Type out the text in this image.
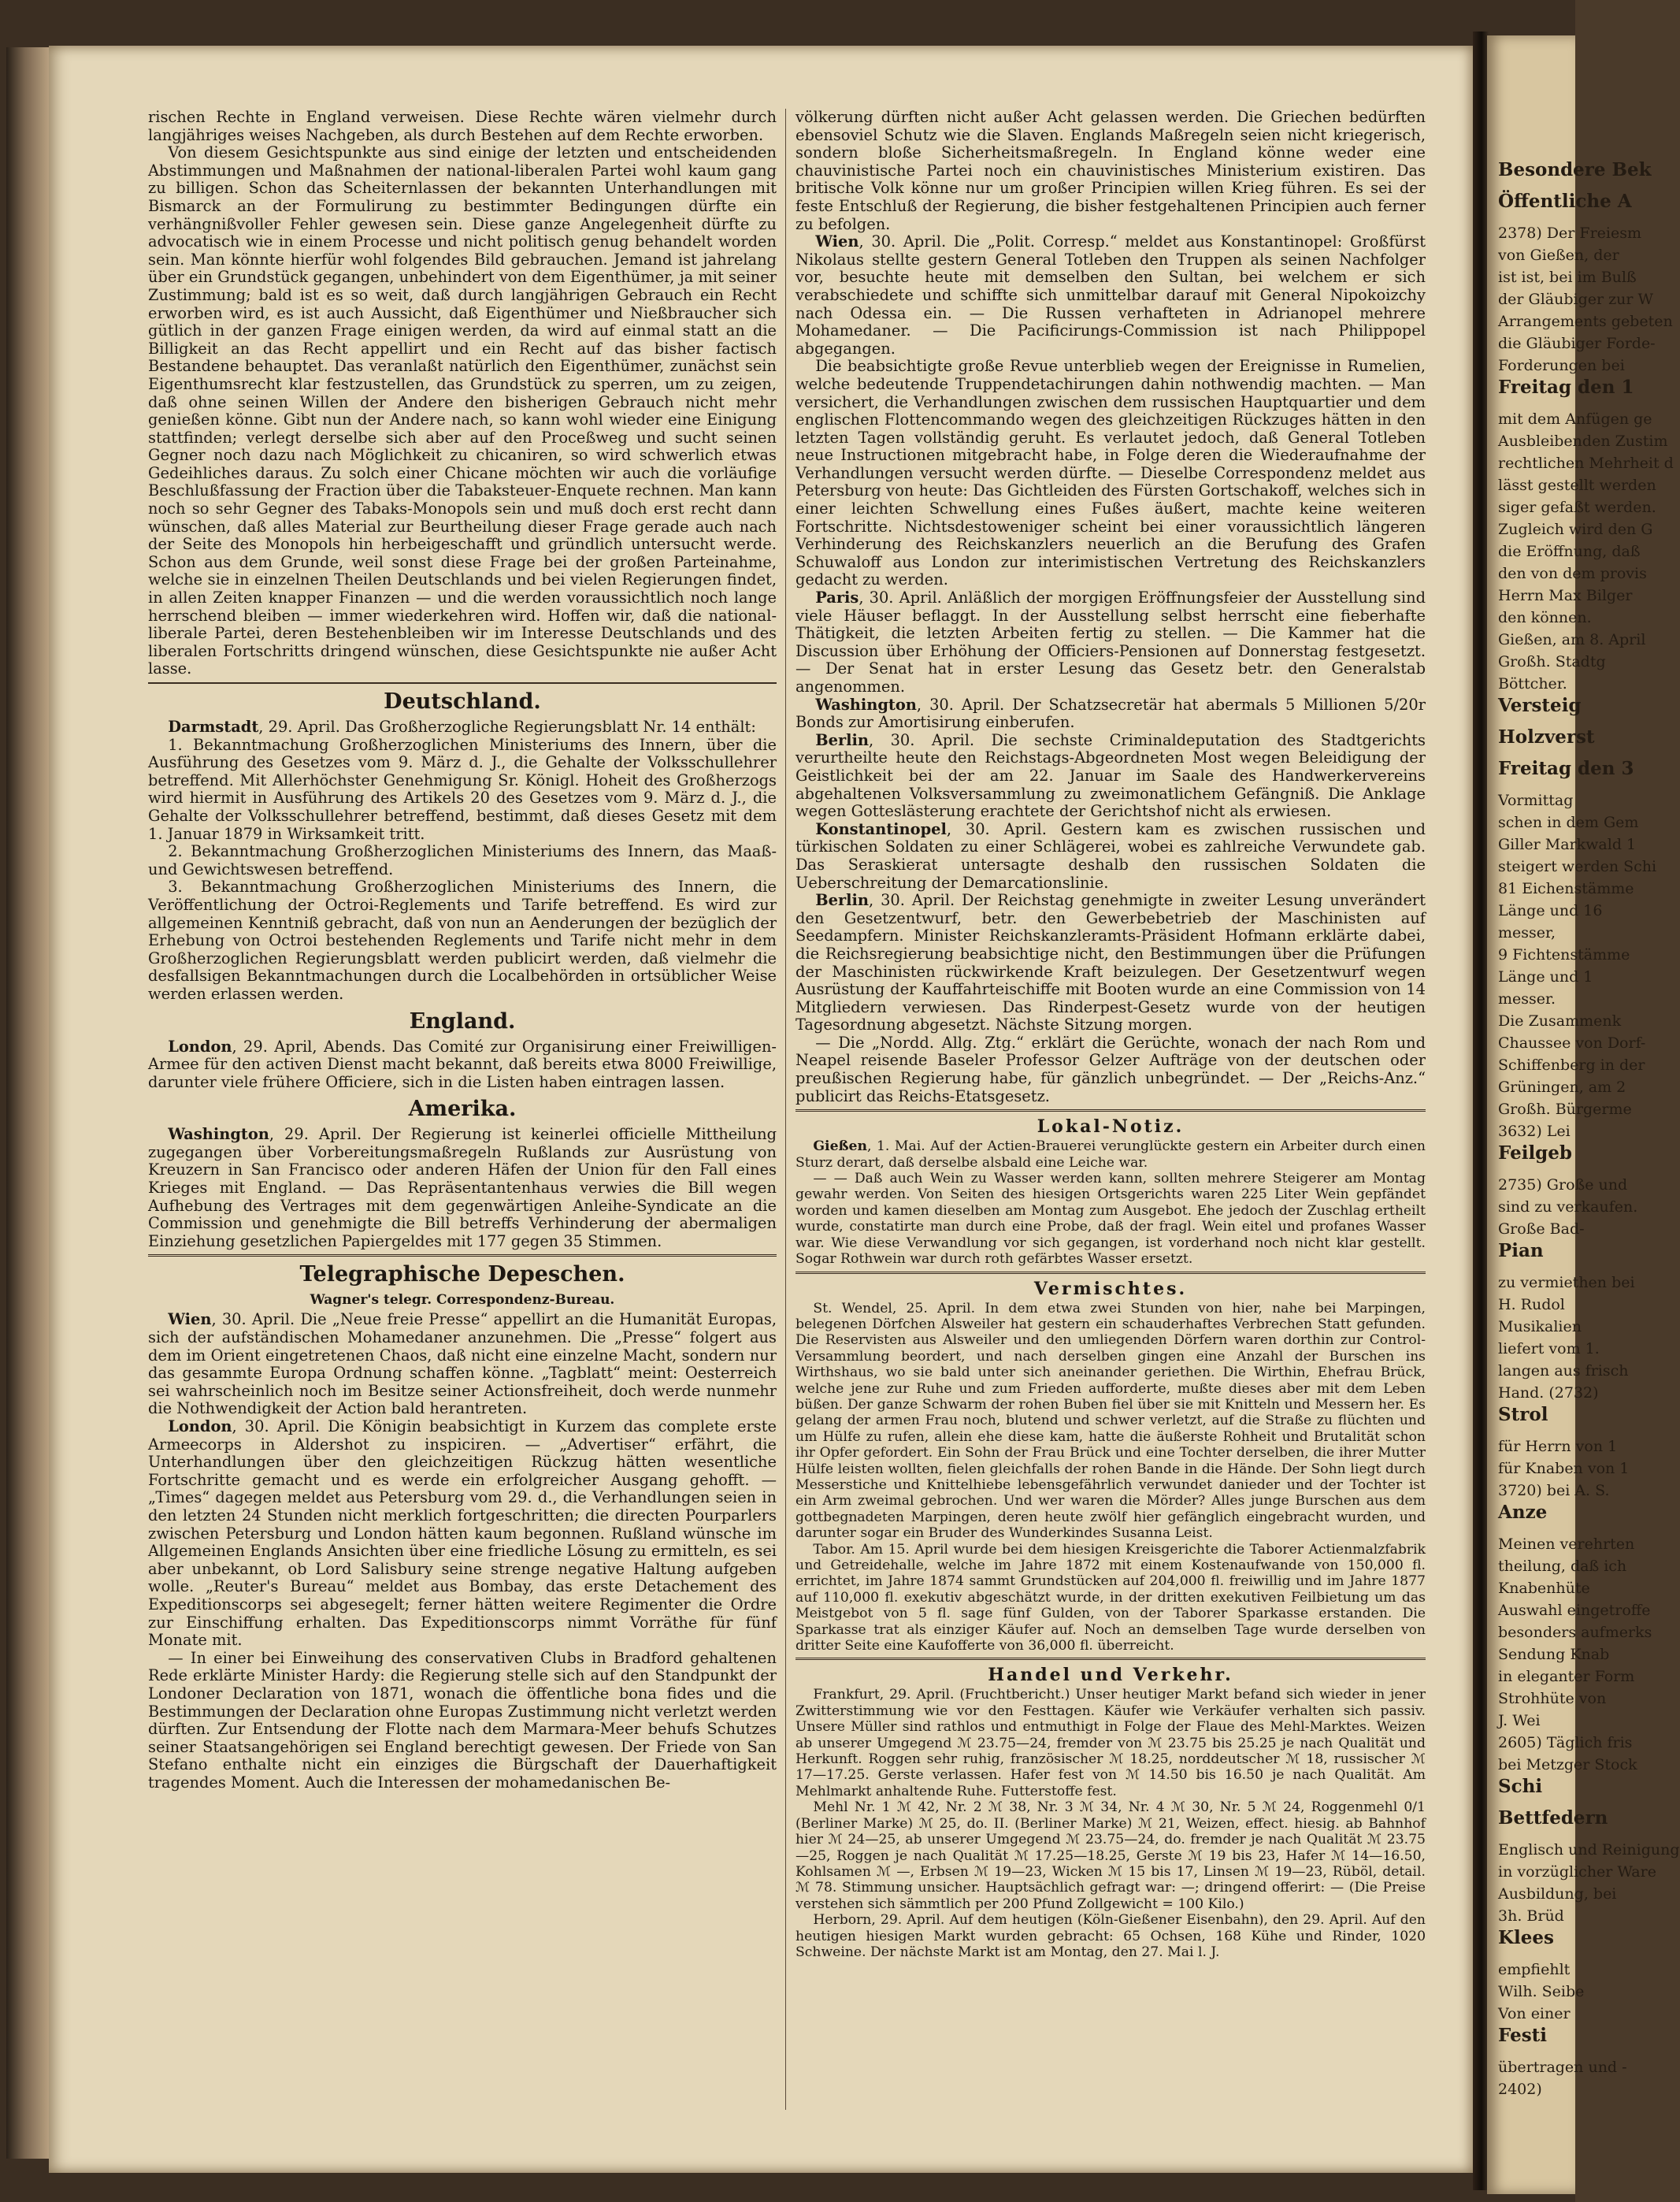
rischen Rechte in England verweisen. Diese Rechte wären vielmehr durch langjähriges weises Nachgeben, als durch Bestehen auf dem Rechte erworben.

Von diesem Gesichtspunkte aus sind einige der letzten und entscheidenden Abstimmungen und Maßnahmen der national-liberalen Partei wohl kaum gang zu billigen. Schon das Scheiternlassen der bekannten Unterhandlungen mit Bismarck an der Formulirung zu bestimmter Bedingungen dürfte ein verhängnißvoller Fehler gewesen sein. Diese ganze Angelegenheit dürfte zu advocatisch wie in einem Processe und nicht politisch genug behandelt worden sein. Man könnte hierfür wohl folgendes Bild gebrauchen. Jemand ist jahrelang über ein Grundstück gegangen, unbehindert von dem Eigenthümer, ja mit seiner Zustimmung; bald ist es so weit, daß durch langjährigen Gebrauch ein Recht erworben wird, es ist auch Aussicht, daß Eigenthümer und Nießbraucher sich gütlich in der ganzen Frage einigen werden, da wird auf einmal statt an die Billigkeit an das Recht appellirt und ein Recht auf das bisher factisch Bestandene behauptet. Das veranlaßt natürlich den Eigenthümer, zunächst sein Eigenthumsrecht klar festzustellen, das Grundstück zu sperren, um zu zeigen, daß ohne seinen Willen der Andere den bisherigen Gebrauch nicht mehr genießen könne. Gibt nun der Andere nach, so kann wohl wieder eine Einigung stattfinden; verlegt derselbe sich aber auf den Proceßweg und sucht seinen Gegner noch dazu nach Möglichkeit zu chicaniren, so wird schwerlich etwas Gedeihliches daraus. Zu solch einer Chicane möchten wir auch die vorläufige Beschlußfassung der Fraction über die Tabaksteuer-Enquete rechnen. Man kann noch so sehr Gegner des Tabaks-Monopols sein und muß doch erst recht dann wünschen, daß alles Material zur Beurtheilung dieser Frage gerade auch nach der Seite des Monopols hin herbeigeschafft und gründlich untersucht werde. Schon aus dem Grunde, weil sonst diese Frage bei der großen Parteinahme, welche sie in einzelnen Theilen Deutschlands und bei vielen Regierungen findet, in allen Zeiten knapper Finanzen — und die werden voraussichtlich noch lange herrschend bleiben — immer wiederkehren wird. Hoffen wir, daß die national-liberale Partei, deren Bestehenbleiben wir im Interesse Deutschlands und des liberalen Fortschritts dringend wünschen, diese Gesichtspunkte nie außer Acht lasse.

Deutschland.

Darmstadt, 29. April. Das Großherzogliche Regierungsblatt Nr. 14 enthält:

1. Bekanntmachung Großherzoglichen Ministeriums des Innern, über die Ausführung des Gesetzes vom 9. März d. J., die Gehalte der Volksschullehrer betreffend. Mit Allerhöchster Genehmigung Sr. Königl. Hoheit des Großherzogs wird hiermit in Ausführung des Artikels 20 des Gesetzes vom 9. März d. J., die Gehalte der Volksschullehrer betreffend, bestimmt, daß dieses Gesetz mit dem 1. Januar 1879 in Wirksamkeit tritt.

2. Bekanntmachung Großherzoglichen Ministeriums des Innern, das Maaß- und Gewichtswesen betreffend.

3. Bekanntmachung Großherzoglichen Ministeriums des Innern, die Veröffentlichung der Octroi-Reglements und Tarife betreffend. Es wird zur allgemeinen Kenntniß gebracht, daß von nun an Aenderungen der bezüglich der Erhebung von Octroi bestehenden Reglements und Tarife nicht mehr in dem Großherzoglichen Regierungsblatt werden publicirt werden, daß vielmehr die desfallsigen Bekanntmachungen durch die Localbehörden in ortsüblicher Weise werden erlassen werden.

England.

London, 29. April, Abends. Das Comité zur Organisirung einer Freiwilligen-Armee für den activen Dienst macht bekannt, daß bereits etwa 8000 Freiwillige, darunter viele frühere Officiere, sich in die Listen haben eintragen lassen.

Amerika.

Washington, 29. April. Der Regierung ist keinerlei officielle Mittheilung zugegangen über Vorbereitungsmaßregeln Rußlands zur Ausrüstung von Kreuzern in San Francisco oder anderen Häfen der Union für den Fall eines Krieges mit England. — Das Repräsentantenhaus verwies die Bill wegen Aufhebung des Vertrages mit dem gegenwärtigen Anleihe-Syndicate an die Commission und genehmigte die Bill betreffs Verhinderung der abermaligen Einziehung gesetzlichen Papiergeldes mit 177 gegen 35 Stimmen.

Telegraphische Depeschen.
Wagner's telegr. Correspondenz-Bureau.

Wien, 30. April. Die „Neue freie Presse“ appellirt an die Humanität Europas, sich der aufständischen Mohamedaner anzunehmen. Die „Presse“ folgert aus dem im Orient eingetretenen Chaos, daß nicht eine einzelne Macht, sondern nur das gesammte Europa Ordnung schaffen könne. „Tagblatt“ meint: Oesterreich sei wahrscheinlich noch im Besitze seiner Actionsfreiheit, doch werde nunmehr die Nothwendigkeit der Action bald herantreten.

London, 30. April. Die Königin beabsichtigt in Kurzem das complete erste Armeecorps in Aldershot zu inspiciren. — „Advertiser“ erfährt, die Unterhandlungen über den gleichzeitigen Rückzug hätten wesentliche Fortschritte gemacht und es werde ein erfolgreicher Ausgang gehofft. — „Times“ dagegen meldet aus Petersburg vom 29. d., die Verhandlungen seien in den letzten 24 Stunden nicht merklich fortgeschritten; die directen Pourparlers zwischen Petersburg und London hätten kaum begonnen. Rußland wünsche im Allgemeinen Englands Ansichten über eine friedliche Lösung zu ermitteln, es sei aber unbekannt, ob Lord Salisbury seine strenge negative Haltung aufgeben wolle. „Reuter's Bureau“ meldet aus Bombay, das erste Detachement des Expeditionscorps sei abgesegelt; ferner hätten weitere Regimenter die Ordre zur Einschiffung erhalten. Das Expeditionscorps nimmt Vorräthe für fünf Monate mit.

— In einer bei Einweihung des conservativen Clubs in Bradford gehaltenen Rede erklärte Minister Hardy: die Regierung stelle sich auf den Standpunkt der Londoner Declaration von 1871, wonach die öffentliche bona fides und die Bestimmungen der Declaration ohne Europas Zustimmung nicht verletzt werden dürften. Zur Entsendung der Flotte nach dem Marmara-Meer behufs Schutzes seiner Staatsangehörigen sei England berechtigt gewesen. Der Friede von San Stefano enthalte nicht ein einziges die Bürgschaft der Dauerhaftigkeit tragendes Moment. Auch die Interessen der mohamedanischen Be-

völkerung dürften nicht außer Acht gelassen werden. Die Griechen bedürften ebensoviel Schutz wie die Slaven. Englands Maßregeln seien nicht kriegerisch, sondern bloße Sicherheitsmaßregeln. In England könne weder eine chauvinistische Partei noch ein chauvinistisches Ministerium existiren. Das britische Volk könne nur um großer Principien willen Krieg führen. Es sei der feste Entschluß der Regierung, die bisher festgehaltenen Principien auch ferner zu befolgen.

Wien, 30. April. Die „Polit. Corresp.“ meldet aus Konstantinopel: Großfürst Nikolaus stellte gestern General Totleben den Truppen als seinen Nachfolger vor, besuchte heute mit demselben den Sultan, bei welchem er sich verabschiedete und schiffte sich unmittelbar darauf mit General Nipokoizchy nach Odessa ein. — Die Russen verhafteten in Adrianopel mehrere Mohamedaner. — Die Pacificirungs-Commission ist nach Philippopel abgegangen.

Die beabsichtigte große Revue unterblieb wegen der Ereignisse in Rumelien, welche bedeutende Truppendetachirungen dahin nothwendig machten. — Man versichert, die Verhandlungen zwischen dem russischen Hauptquartier und dem englischen Flottencommando wegen des gleichzeitigen Rückzuges hätten in den letzten Tagen vollständig geruht. Es verlautet jedoch, daß General Totleben neue Instructionen mitgebracht habe, in Folge deren die Wiederaufnahme der Verhandlungen versucht werden dürfte. — Dieselbe Correspondenz meldet aus Petersburg von heute: Das Gichtleiden des Fürsten Gortschakoff, welches sich in einer leichten Schwellung eines Fußes äußert, machte keine weiteren Fortschritte. Nichtsdestoweniger scheint bei einer voraussichtlich längeren Verhinderung des Reichskanzlers neuerlich an die Berufung des Grafen Schuwaloff aus London zur interimistischen Vertretung des Reichskanzlers gedacht zu werden.

Paris, 30. April. Anläßlich der morgigen Eröffnungsfeier der Ausstellung sind viele Häuser beflaggt. In der Ausstellung selbst herrscht eine fieberhafte Thätigkeit, die letzten Arbeiten fertig zu stellen. — Die Kammer hat die Discussion über Erhöhung der Officiers-Pensionen auf Donnerstag festgesetzt. — Der Senat hat in erster Lesung das Gesetz betr. den Generalstab angenommen.

Washington, 30. April. Der Schatzsecretär hat abermals 5 Millionen 5/20r Bonds zur Amortisirung einberufen.

Berlin, 30. April. Die sechste Criminaldeputation des Stadtgerichts verurtheilte heute den Reichstags-Abgeordneten Most wegen Beleidigung der Geistlichkeit bei der am 22. Januar im Saale des Handwerkervereins abgehaltenen Volksversammlung zu zweimonatlichem Gefängniß. Die Anklage wegen Gotteslästerung erachtete der Gerichtshof nicht als erwiesen.

Konstantinopel, 30. April. Gestern kam es zwischen russischen und türkischen Soldaten zu einer Schlägerei, wobei es zahlreiche Verwundete gab. Das Seraskierat untersagte deshalb den russischen Soldaten die Ueberschreitung der Demarcationslinie.

Berlin, 30. April. Der Reichstag genehmigte in zweiter Lesung unverändert den Gesetzentwurf, betr. den Gewerbebetrieb der Maschinisten auf Seedampfern. Minister Reichskanzleramts-Präsident Hofmann erklärte dabei, die Reichsregierung beabsichtige nicht, den Bestimmungen über die Prüfungen der Maschinisten rückwirkende Kraft beizulegen. Der Gesetzentwurf wegen Ausrüstung der Kauffahrteischiffe mit Booten wurde an eine Commission von 14 Mitgliedern verwiesen. Das Rinderpest-Gesetz wurde von der heutigen Tagesordnung abgesetzt. Nächste Sitzung morgen.

— Die „Nordd. Allg. Ztg.“ erklärt die Gerüchte, wonach der nach Rom und Neapel reisende Baseler Professor Gelzer Aufträge von der deutschen oder preußischen Regierung habe, für gänzlich unbegründet. — Der „Reichs-Anz.“ publicirt das Reichs-Etatsgesetz.

Lokal-Notiz.

Gießen, 1. Mai. Auf der Actien-Brauerei verunglückte gestern ein Arbeiter durch einen Sturz derart, daß derselbe alsbald eine Leiche war.

— — Daß auch Wein zu Wasser werden kann, sollten mehrere Steigerer am Montag gewahr werden. Von Seiten des hiesigen Ortsgerichts waren 225 Liter Wein gepfändet worden und kamen dieselben am Montag zum Ausgebot. Ehe jedoch der Zuschlag ertheilt wurde, constatirte man durch eine Probe, daß der fragl. Wein eitel und profanes Wasser war. Wie diese Verwandlung vor sich gegangen, ist vorderhand noch nicht klar gestellt. Sogar Rothwein war durch roth gefärbtes Wasser ersetzt.

Vermischtes.

St. Wendel, 25. April. In dem etwa zwei Stunden von hier, nahe bei Marpingen, belegenen Dörfchen Alsweiler hat gestern ein schauderhaftes Verbrechen Statt gefunden. Die Reservisten aus Alsweiler und den umliegenden Dörfern waren dorthin zur Control-Versammlung beordert, und nach derselben gingen eine Anzahl der Burschen ins Wirthshaus, wo sie bald unter sich aneinander geriethen. Die Wirthin, Ehefrau Brück, welche jene zur Ruhe und zum Frieden aufforderte, mußte dieses aber mit dem Leben büßen. Der ganze Schwarm der rohen Buben fiel über sie mit Knitteln und Messern her. Es gelang der armen Frau noch, blutend und schwer verletzt, auf die Straße zu flüchten und um Hülfe zu rufen, allein ehe diese kam, hatte die äußerste Rohheit und Brutalität schon ihr Opfer gefordert. Ein Sohn der Frau Brück und eine Tochter derselben, die ihrer Mutter Hülfe leisten wollten, fielen gleichfalls der rohen Bande in die Hände. Der Sohn liegt durch Messerstiche und Knittelhiebe lebensgefährlich verwundet danieder und der Tochter ist ein Arm zweimal gebrochen. Und wer waren die Mörder? Alles junge Burschen aus dem gottbegnadeten Marpingen, deren heute zwölf hier gefänglich eingebracht wurden, und darunter sogar ein Bruder des Wunderkindes Susanna Leist.

Tabor. Am 15. April wurde bei dem hiesigen Kreisgerichte die Taborer Actienmalzfabrik und Getreidehalle, welche im Jahre 1872 mit einem Kostenaufwande von 150,000 fl. errichtet, im Jahre 1874 sammt Grundstücken auf 204,000 fl. freiwillig und im Jahre 1877 auf 110,000 fl. exekutiv abgeschätzt wurde, in der dritten exekutiven Feilbietung um das Meistgebot von 5 fl. sage fünf Gulden, von der Taborer Sparkasse erstanden. Die Sparkasse trat als einziger Käufer auf. Noch an demselben Tage wurde derselben von dritter Seite eine Kaufofferte von 36,000 fl. überreicht.

Handel und Verkehr.

Frankfurt, 29. April. (Fruchtbericht.) Unser heutiger Markt befand sich wieder in jener Zwitterstimmung wie vor den Festtagen. Käufer wie Verkäufer verhalten sich passiv. Unsere Müller sind rathlos und entmuthigt in Folge der Flaue des Mehl-Marktes. Weizen ab unserer Umgegend ℳ 23.75—24, fremder von ℳ 23.75 bis 25.25 je nach Qualität und Herkunft. Roggen sehr ruhig, französischer ℳ 18.25, norddeutscher ℳ 18, russischer ℳ 17—17.25. Gerste verlassen. Hafer fest von ℳ 14.50 bis 16.50 je nach Qualität. Am Mehlmarkt anhaltende Ruhe. Futterstoffe fest.

Mehl Nr. 1 ℳ 42, Nr. 2 ℳ 38, Nr. 3 ℳ 34, Nr. 4 ℳ 30, Nr. 5 ℳ 24, Roggenmehl 0/1 (Berliner Marke) ℳ 25, do. II. (Berliner Marke) ℳ 21, Weizen, effect. hiesig. ab Bahnhof hier ℳ 24—25, ab unserer Umgegend ℳ 23.75—24, do. fremder je nach Qualität ℳ 23.75—25, Roggen je nach Qualität ℳ 17.25—18.25, Gerste ℳ 19 bis 23, Hafer ℳ 14—16.50, Kohlsamen ℳ —, Erbsen ℳ 19—23, Wicken ℳ 15 bis 17, Linsen ℳ 19—23, Rüböl, detail. ℳ 78. Stimmung unsicher. Hauptsächlich gefragt war: —; dringend offerirt: — (Die Preise verstehen sich sämmtlich per 200 Pfund Zollgewicht = 100 Kilo.)

Herborn, 29. April. Auf dem heutigen (Köln-Gießener Eisenbahn), den 29. April. Auf den heutigen hiesigen Markt wurden gebracht: 65 Ochsen, 168 Kühe und Rinder, 1020 Schweine. Der nächste Markt ist am Montag, den 27. Mai l. J.

Besondere Bek
Öffentliche A
2378) Der Freiesm
von Gießen, der
ist ist, bei im Bulß
der Gläubiger zur W
Arrangements gebeten
die Gläubiger Forde-
Forderungen bei
Freitag den 1
mit dem Anfügen ge
Ausbleibenden Zustim
rechtlichen Mehrheit d
lässt gestellt werden
siger gefaßt werden.
Zugleich wird den G
die Eröffnung, daß
den von dem provis
Herrn Max Bilger
den können.
Gießen, am 8. April
Großh. Stadtg
Böttcher.
Versteig
Holzverst
Freitag den 3
Vormittag
schen in dem Gem
Giller Markwald 1
steigert werden Schi
81 Eichenstämme
Länge und 16
messer,
9 Fichtenstämme
Länge und 1
messer.
Die Zusammenk
Chaussee von Dorf-
Schiffenberg in der
Grüningen, am 2
Großh. Bürgerme
3632) Lei
Feilgeb
2735) Große und
sind zu verkaufen.
Große Bad-
Pian
zu vermiethen bei
H. Rudol
Musikalien
liefert vom 1.
langen aus frisch
Hand. (2732)
Strol
für Herrn von 1
für Knaben von 1
3720) bei A. S.
Anze
Meinen verehrten
theilung, daß ich
Knabenhüte
Auswahl eingetroffe
besonders aufmerks
Sendung Knab
in eleganter Form
Strohhüte von
J. Wei
2605) Täglich fris
bei Metzger Stock
Schi
Bettfedern
Englisch und Reinigung
in vorzüglicher Ware
Ausbildung, bei
3h. Brüd
Klees
empfiehlt
Wilh. Seibe
Von einer
Festi
übertragen und -
2402)
